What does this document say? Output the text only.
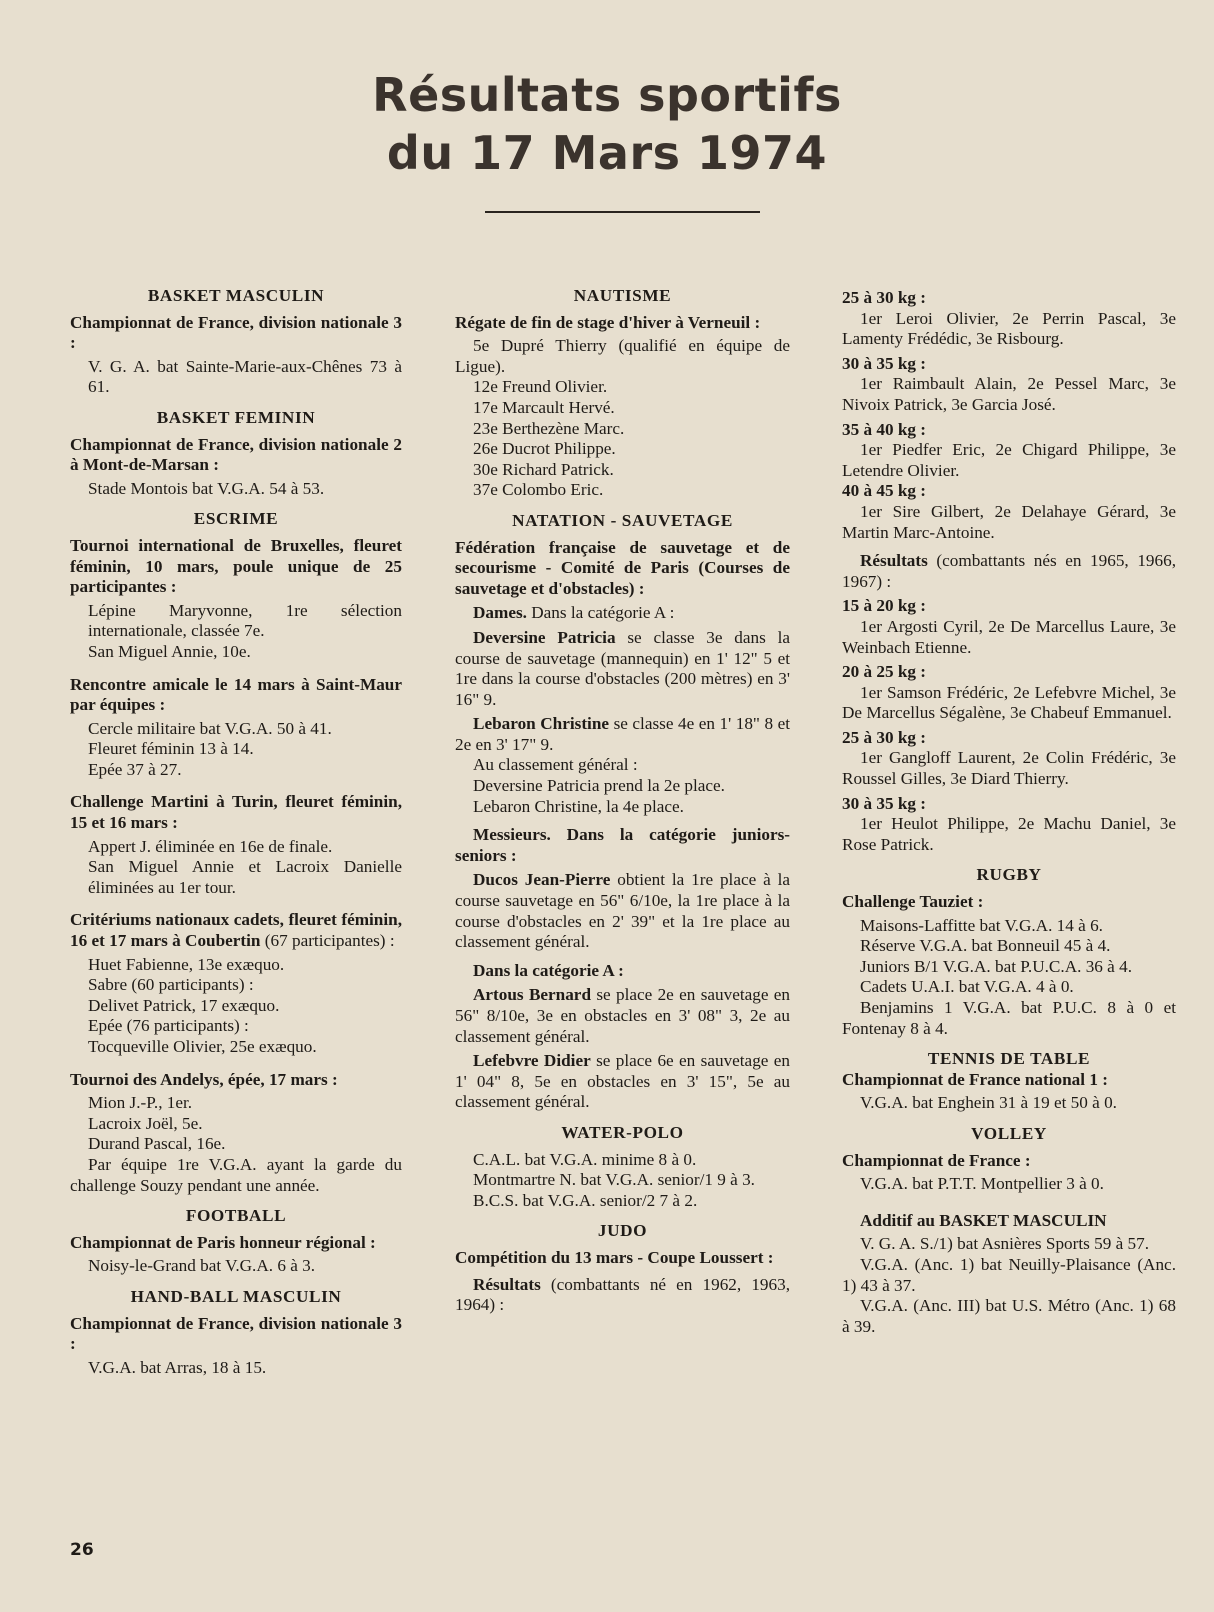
Résultats sportifs
du 17 Mars 1974
BASKET MASCULIN
Championnat de France, division nationale 3 :
V. G. A. bat Sainte-Marie-aux-Chênes 73 à 61.
BASKET FEMININ
Championnat de France, division nationale 2 à Mont-de-Marsan :
Stade Montois bat V.G.A. 54 à 53.
ESCRIME
Tournoi international de Bruxelles, fleuret féminin, 10 mars, poule unique de 25 participantes :
Lépine Maryvonne, 1re sélection internationale, classée 7e.
San Miguel Annie, 10e.
Rencontre amicale le 14 mars à Saint-Maur par équipes :
Cercle militaire bat V.G.A. 50 à 41.
Fleuret féminin 13 à 14.
Epée 37 à 27.
Challenge Martini à Turin, fleuret féminin, 15 et 16 mars :
Appert J. éliminée en 16e de finale.
San Miguel Annie et Lacroix Danielle éliminées au 1er tour.
Critériums nationaux cadets, fleuret féminin, 16 et 17 mars à Coubertin (67 participantes) :
Huet Fabienne, 13e exæquo.
Sabre (60 participants) :
Delivet Patrick, 17 exæquo.
Epée (76 participants) :
Tocqueville Olivier, 25e exæquo.
Tournoi des Andelys, épée, 17 mars :
Mion J.-P., 1er.
Lacroix Joël, 5e.
Durand Pascal, 16e.
Par équipe 1re V.G.A. ayant la garde du challenge Souzy pendant une année.
FOOTBALL
Championnat de Paris honneur régional :
Noisy-le-Grand bat V.G.A. 6 à 3.
HAND-BALL MASCULIN
Championnat de France, division nationale 3 :
V.G.A. bat Arras, 18 à 15.
NAUTISME
Régate de fin de stage d'hiver à Verneuil :
5e Dupré Thierry (qualifié en équipe de Ligue).
12e Freund Olivier.
17e Marcault Hervé.
23e Berthezène Marc.
26e Ducrot Philippe.
30e Richard Patrick.
37e Colombo Eric.
NATATION - SAUVETAGE
Fédération française de sauvetage et de secourisme - Comité de Paris (Courses de sauvetage et d'obstacles) :
Dames. Dans la catégorie A :
Deversine Patricia se classe 3e dans la course de sauvetage (mannequin) en 1' 12" 5 et 1re dans la course d'obstacles (200 mètres) en 3' 16" 9.
Lebaron Christine se classe 4e en 1' 18" 8 et 2e en 3' 17" 9.
Au classement général :
Deversine Patricia prend la 2e place.
Lebaron Christine, la 4e place.
Messieurs. Dans la catégorie juniors-seniors :
Ducos Jean-Pierre obtient la 1re place à la course sauvetage en 56" 6/10e, la 1re place à la course d'obstacles en 2' 39" et la 1re place au classement général.
Dans la catégorie A :
Artous Bernard se place 2e en sauvetage en 56" 8/10e, 3e en obstacles en 3' 08" 3, 2e au classement général.
Lefebvre Didier se place 6e en sauvetage en 1' 04" 8, 5e en obstacles en 3' 15", 5e au classement général.
WATER-POLO
C.A.L. bat V.G.A. minime 8 à 0.
Montmartre N. bat V.G.A. senior/1 9 à 3.
B.C.S. bat V.G.A. senior/2 7 à 2.
JUDO
Compétition du 13 mars - Coupe Loussert :
Résultats (combattants né en 1962, 1963, 1964) :
25 à 30 kg :
1er Leroi Olivier, 2e Perrin Pascal, 3e Lamenty Frédédic, 3e Risbourg.
30 à 35 kg :
1er Raimbault Alain, 2e Pessel Marc, 3e Nivoix Patrick, 3e Garcia José.
35 à 40 kg :
1er Piedfer Eric, 2e Chigard Philippe, 3e Letendre Olivier.
40 à 45 kg :
1er Sire Gilbert, 2e Delahaye Gérard, 3e Martin Marc-Antoine.
Résultats (combattants nés en 1965, 1966, 1967) :
15 à 20 kg :
1er Argosti Cyril, 2e De Marcellus Laure, 3e Weinbach Etienne.
20 à 25 kg :
1er Samson Frédéric, 2e Lefebvre Michel, 3e De Marcellus Ségalène, 3e Chabeuf Emmanuel.
25 à 30 kg :
1er Gangloff Laurent, 2e Colin Frédéric, 3e Roussel Gilles, 3e Diard Thierry.
30 à 35 kg :
1er Heulot Philippe, 2e Machu Daniel, 3e Rose Patrick.
RUGBY
Challenge Tauziet :
Maisons-Laffitte bat V.G.A. 14 à 6.
Réserve V.G.A. bat Bonneuil 45 à 4.
Juniors B/1 V.G.A. bat P.U.C.A. 36 à 4.
Cadets U.A.I. bat V.G.A. 4 à 0.
Benjamins 1 V.G.A. bat P.U.C. 8 à 0 et Fontenay 8 à 4.
TENNIS DE TABLE
Championnat de France national 1 :
V.G.A. bat Enghein 31 à 19 et 50 à 0.
VOLLEY
Championnat de France :
V.G.A. bat P.T.T. Montpellier 3 à 0.
Additif au BASKET MASCULIN
V. G. A. S./1) bat Asnières Sports 59 à 57.
V.G.A. (Anc. 1) bat Neuilly-Plaisance (Anc. 1) 43 à 37.
V.G.A. (Anc. III) bat U.S. Métro (Anc. 1) 68 à 39.
26
